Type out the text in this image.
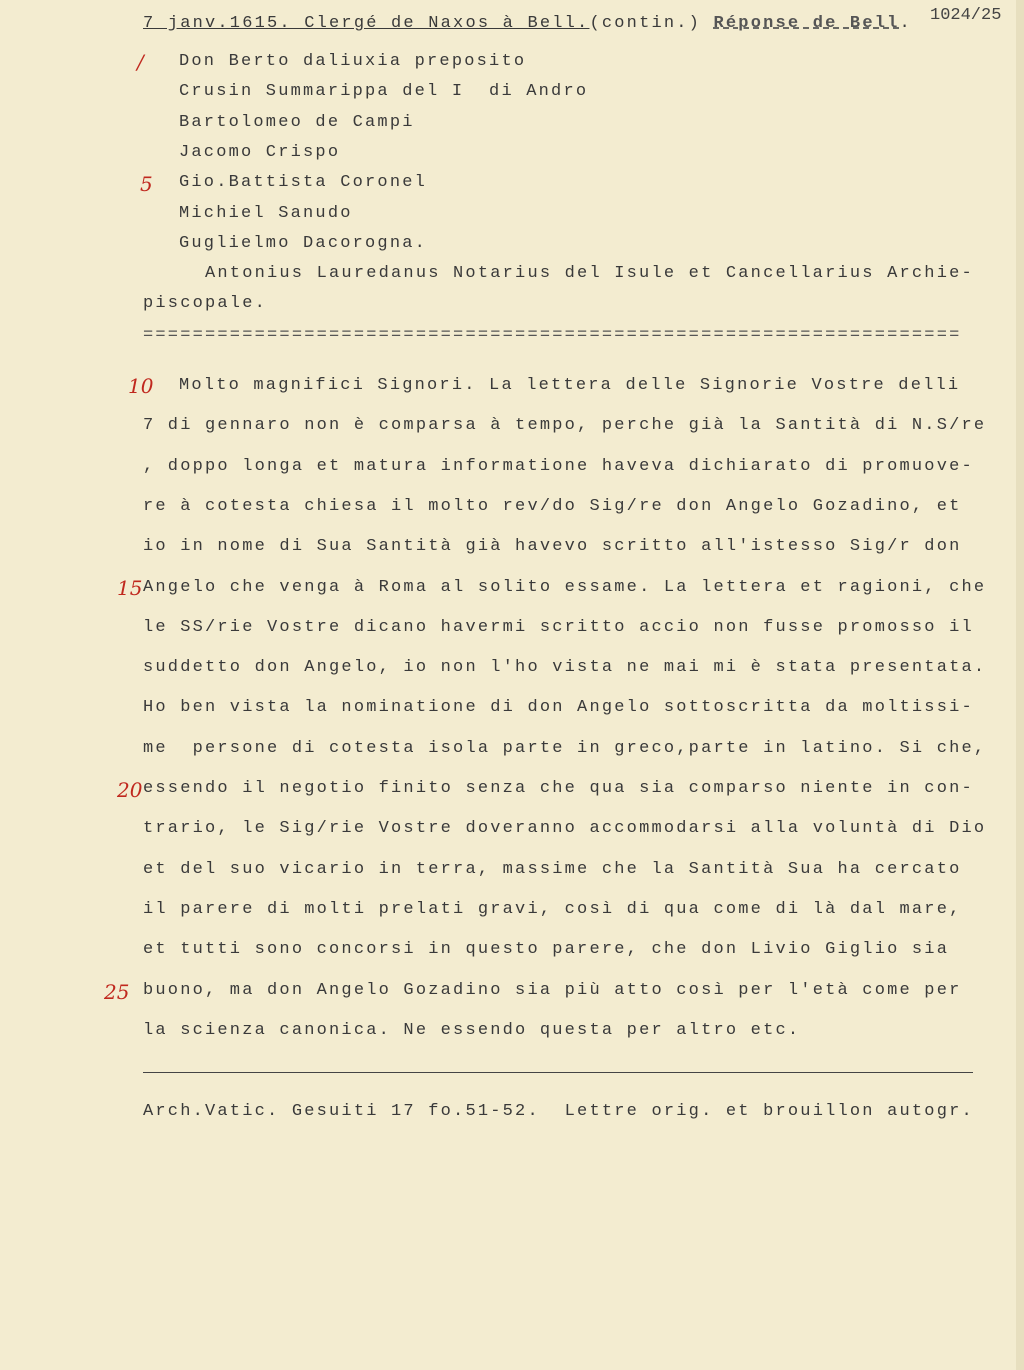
7 janv.1615. Clergé de Naxos à Bell.(contin.) Réponse de Bell. 1024/25
Don Berto daliuxia preposito
Crusin Summarippa del I  di Andro
Bartolomeo de Campi
Jacomo Crispo
Gio.Battista Coronel
Michiel Sanudo
Guglielmo Dacorogna.
Antonius Lauredanus Notarius del Isule et Cancellarius Archie-
piscopale.
Molto magnifici Signori. La lettera delle Signorie Vostre delli
7 di gennaro non è comparsa à tempo, perche già la Santità di N.S/re
, doppo longa et matura informatione haveva dichiarato di promuove-
re à cotesta chiesa il molto rev/do Sig/re don Angelo Gozadino, et
io in nome di Sua Santità già havevo scritto all'istesso Sig/r don
Angelo che venga à Roma al solito essame. La lettera et ragioni, che
le SS/rie Vostre dicano havermi scritto accio non fusse promosso il
suddetto don Angelo, io non l'ho vista ne mai mi è stata presentata.
Ho ben vista la nominatione di don Angelo sottoscritta da moltissi-
me  persone di cotesta isola parte in greco,parte in latino. Si che,
essendo il negotio finito senza che qua sia comparso niente in con-
trario, le Sig/rie Vostre doveranno accommodarsi alla voluntà di Dio
et del suo vicario in terra, massime che la Santità Sua ha cercato
il parere di molti prelati gravi, così di qua come di là dal mare,
et tutti sono concorsi in questo parere, che don Livio Giglio sia
buono, ma don Angelo Gozadino sia più atto così per l'età come per
la scienza canonica. Ne essendo questa per altro etc.
==================================================================
/
5
10
15
20
25
Arch.Vatic. Gesuiti 17 fo.51-52.  Lettre orig. et brouillon autogr.
